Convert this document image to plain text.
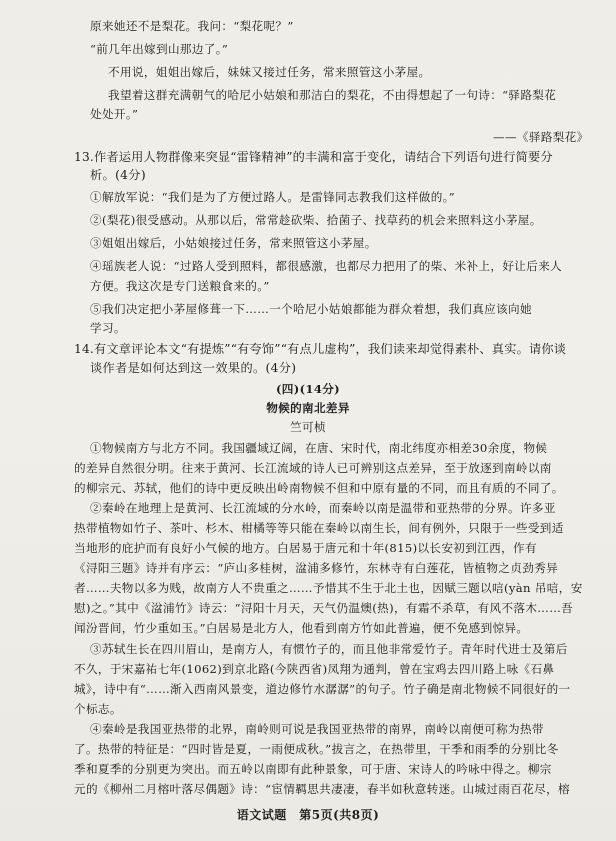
原来她还不是梨花。我问：“梨花呢？”
“前几年出嫁到山那边了。”
不用说，姐姐出嫁后，妹妹又接过任务，常来照管这小茅屋。
我望着这群充满朝气的哈尼小姑娘和那洁白的梨花，不由得想起了一句诗：“驿路梨花
处处开。”
——《驿路梨花》
13.作者运用人物群像来突显“雷锋精神”的丰满和富于变化，请结合下列语句进行简要分
析。(4分)
①解放军说：“我们是为了方便过路人。是雷锋同志教我们这样做的。”
②(梨花)很受感动。从那以后，常常趁砍柴、拾菌子、找草药的机会来照料这小茅屋。
③姐姐出嫁后，小姑娘接过任务，常来照管这小茅屋。
④瑶族老人说：“过路人受到照料，都很感激，也都尽力把用了的柴、米补上，好让后来人
方便。我这次是专门送粮食来的。”
⑤我们决定把小茅屋修葺一下……一个哈尼小姑娘都能为群众着想，我们真应该向她
学习。
14.有文章评论本文“有提炼”“有夸饰”“有点儿虚构”，我们读来却觉得素朴、真实。请你谈
谈作者是如何达到这一效果的。(4分)
(四)(14分)
物候的南北差异
竺可桢
①物候南方与北方不同。我国疆域辽阔，在唐、宋时代，南北纬度亦相差30余度，物候
的差异自然很分明。往来于黄河、长江流域的诗人已可辨别这点差异，至于放逐到南岭以南
的柳宗元、苏轼，他们的诗中更反映出岭南物候不但和中原有量的不同，而且有质的不同了。
②秦岭在地理上是黄河、长江流域的分水岭，而秦岭以南是温带和亚热带的分界。许多亚
热带植物如竹子、茶叶、杉木、柑橘等等只能在秦岭以南生长，间有例外，只限于一些受到适
当地形的庇护而有良好小气候的地方。白居易于唐元和十年(815)以长安初到江西，作有
《浔阳三题》诗并有序云：“庐山多桂树，湓浦多修竹，东林寺有白莲花，皆植物之贞劲秀异
者……夫物以多为贱，故南方人不贵重之……予惜其不生于北土也，因赋三题以唁(yàn 吊唁，安
慰)之。”其中《湓浦竹》诗云：“浔阳十月天，天气仍温燠(热)，有霜不杀草，有风不落木……吾
闻汾晋间，竹少重如玉。”白居易是北方人，他看到南方竹如此普遍，便不免感到惊异。
③苏轼生长在四川眉山，是南方人，有惯竹子的，而且他非常爱竹子。青年时代进士及第后
不久，于宋嘉祐七年(1062)到京北路(今陕西省)凤翔为通判，曾在宝鸡去四川路上咏《石鼻
城》，诗中有“……渐入西南风景变，道边修竹水潺潺”的句子。竹子确是南北物候不同很好的一
个标志。
④秦岭是我国亚热带的北界，南岭则可说是我国亚热带的南界，南岭以南便可称为热带
了。热带的特征是：“四时皆是夏，一雨便成秋。”拔言之，在热带里，干季和雨季的分别比冬
季和夏季的分别更为突出。而五岭以南即有此种景象，可于唐、宋诗人的吟咏中得之。柳宗
元的《柳州二月榕叶落尽偶题》诗：“宦情羁思共凄凄，春半如秋意转迷。山城过雨百花尽，榕
语文试题　第5页(共8页)
